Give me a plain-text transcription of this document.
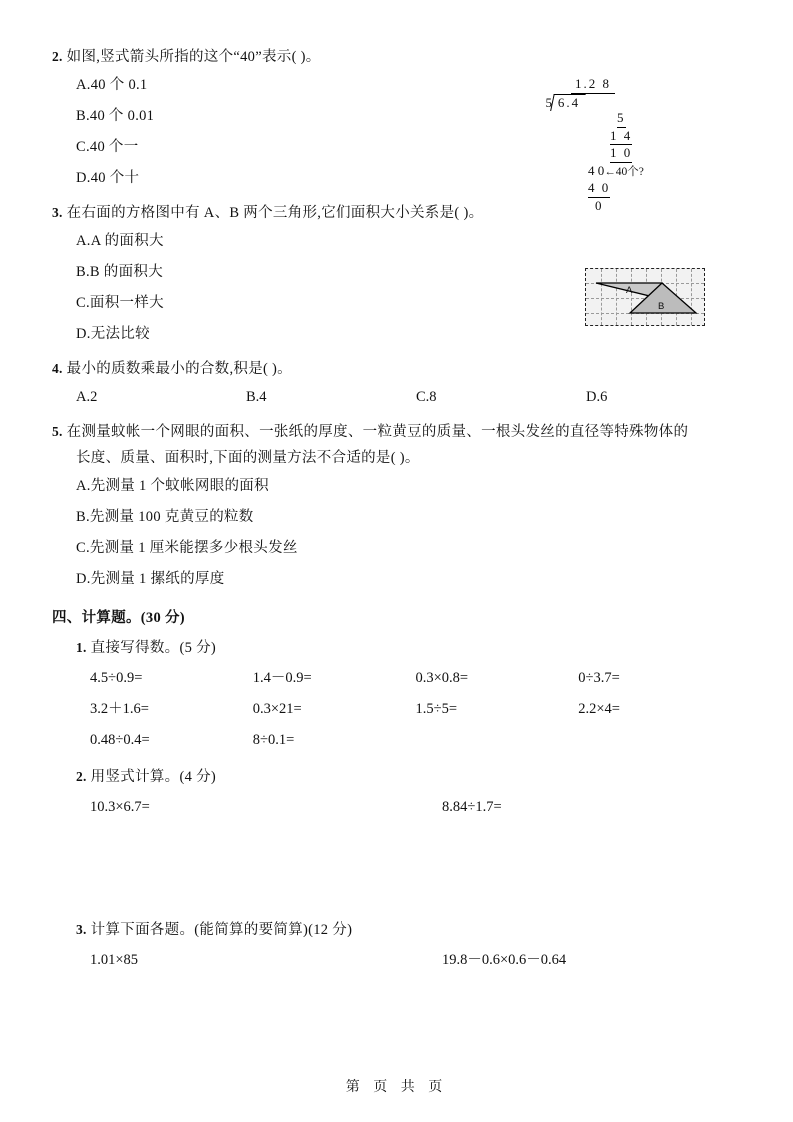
2. 如图,竖式箭头所指的这个“40”表示( )。
A.40 个 0.1
B.40 个 0.01
C.40 个一
D.40 个十
1.2 8
5 6.4
5
1 4
1 0
4 0←40个?
4 0
0
3. 在右面的方格图中有 A、B 两个三角形,它们面积大小关系是( )。
A.A 的面积大
B.B 的面积大
C.面积一样大
D.无法比较
A
B
4. 最小的质数乘最小的合数,积是( )。
A.2	B.4	C.8	D.6
5. 在测量蚊帐一个网眼的面积、一张纸的厚度、一粒黄豆的质量、一根头发丝的直径等特殊物体的
长度、质量、面积时,下面的测量方法不合适的是( )。
A.先测量 1 个蚊帐网眼的面积
B.先测量 100 克黄豆的粒数
C.先测量 1 厘米能摆多少根头发丝
D.先测量 1 摞纸的厚度
四、计算题。(30 分)
1. 直接写得数。(5 分)
4.5÷0.9=	1.4－0.9=	0.3×0.8=	0÷3.7=
3.2＋1.6=	0.3×21=	1.5÷5=	2.2×4=
0.48÷0.4=	8÷0.1=
2. 用竖式计算。(4 分)
10.3×6.7=	8.84÷1.7=
3. 计算下面各题。(能简算的要简算)(12 分)
1.01×85	19.8－0.6×0.6－0.64
第 页 共 页
